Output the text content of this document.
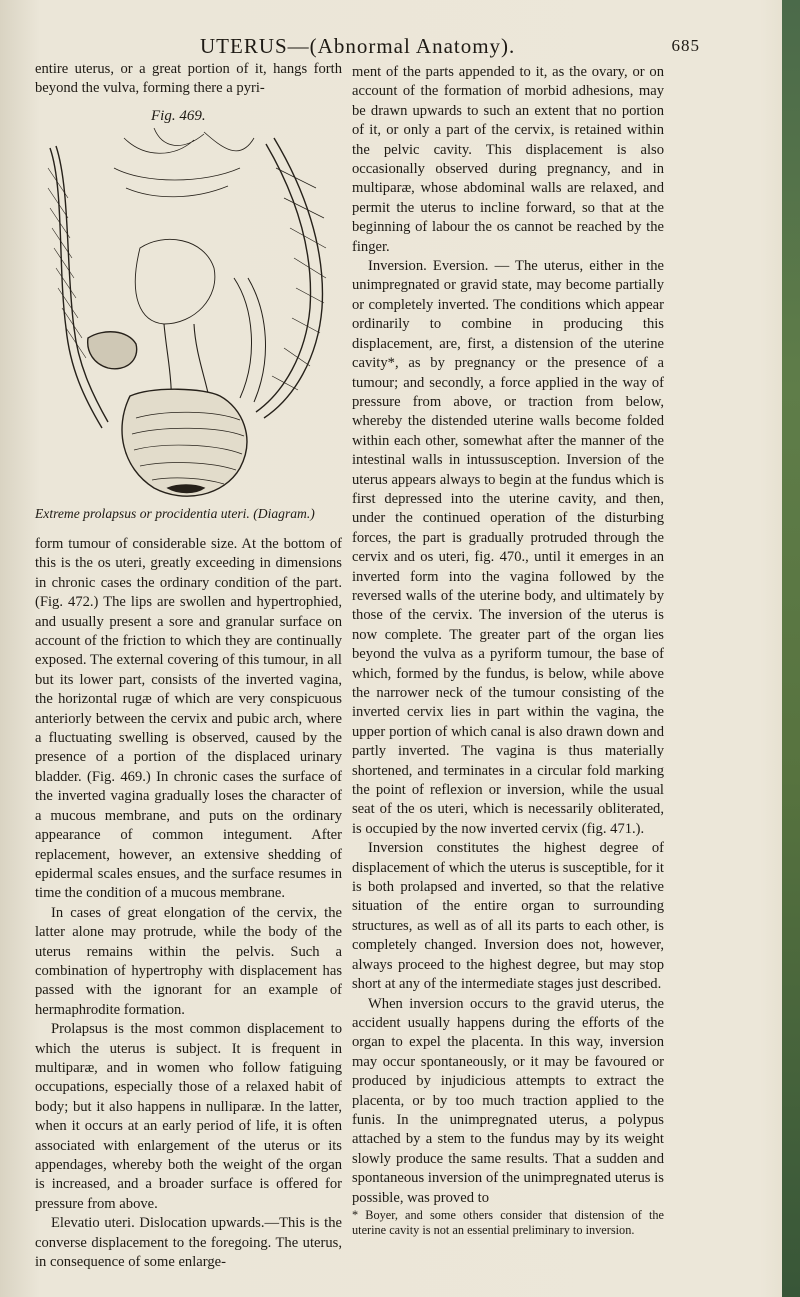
UTERUS—(Abnormal Anatomy).	685

entire uterus, or a great portion of it, hangs forth beyond the vulva, forming there a pyri-

Fig. 469.
Extreme prolapsus or procidentia uteri. (Diagram.)

form tumour of considerable size. At the bottom of this is the os uteri, greatly exceeding in dimensions in chronic cases the ordinary condition of the part. (Fig. 472.) The lips are swollen and hypertrophied, and usually present a sore and granular surface on account of the friction to which they are continually exposed. The external covering of this tumour, in all but its lower part, consists of the inverted vagina, the horizontal rugæ of which are very conspicuous anteriorly between the cervix and pubic arch, where a fluctuating swelling is observed, caused by the presence of a portion of the displaced urinary bladder. (Fig. 469.) In chronic cases the surface of the inverted vagina gradually loses the character of a mucous membrane, and puts on the ordinary appearance of common integument. After replacement, however, an extensive shedding of epidermal scales ensues, and the surface resumes in time the condition of a mucous membrane.

In cases of great elongation of the cervix, the latter alone may protrude, while the body of the uterus remains within the pelvis. Such a combination of hypertrophy with displacement has passed with the ignorant for an example of hermaphrodite formation.

Prolapsus is the most common displacement to which the uterus is subject. It is frequent in multiparæ, and in women who follow fatiguing occupations, especially those of a relaxed habit of body; but it also happens in nulliparæ. In the latter, when it occurs at an early period of life, it is often associated with enlargement of the uterus or its appendages, whereby both the weight of the organ is increased, and a broader surface is offered for pressure from above.

Elevatio uteri. Dislocation upwards.—This is the converse displacement to the foregoing. The uterus, in consequence of some enlarge-

ment of the parts appended to it, as the ovary, or on account of the formation of morbid adhesions, may be drawn upwards to such an extent that no portion of it, or only a part of the cervix, is retained within the pelvic cavity. This displacement is also occasionally observed during pregnancy, and in multiparæ, whose abdominal walls are relaxed, and permit the uterus to incline forward, so that at the beginning of labour the os cannot be reached by the finger.

Inversion. Eversion. — The uterus, either in the unimpregnated or gravid state, may become partially or completely inverted. The conditions which appear ordinarily to combine in producing this displacement, are, first, a distension of the uterine cavity*, as by pregnancy or the presence of a tumour; and secondly, a force applied in the way of pressure from above, or traction from below, whereby the distended uterine walls become folded within each other, somewhat after the manner of the intestinal walls in intussusception. Inversion of the uterus appears always to begin at the fundus which is first depressed into the uterine cavity, and then, under the continued operation of the disturbing forces, the part is gradually protruded through the cervix and os uteri, fig. 470., until it emerges in an inverted form into the vagina followed by the reversed walls of the uterine body, and ultimately by those of the cervix. The inversion of the uterus is now complete. The greater part of the organ lies beyond the vulva as a pyriform tumour, the base of which, formed by the fundus, is below, while above the narrower neck of the tumour consisting of the inverted cervix lies in part within the vagina, the upper portion of which canal is also drawn down and partly inverted. The vagina is thus materially shortened, and terminates in a circular fold marking the point of reflexion or inversion, while the usual seat of the os uteri, which is necessarily obliterated, is occupied by the now inverted cervix (fig. 471.).

Inversion constitutes the highest degree of displacement of which the uterus is susceptible, for it is both prolapsed and inverted, so that the relative situation of the entire organ to surrounding structures, as well as of all its parts to each other, is completely changed. Inversion does not, however, always proceed to the highest degree, but may stop short at any of the intermediate stages just described.

When inversion occurs to the gravid uterus, the accident usually happens during the efforts of the organ to expel the placenta. In this way, inversion may occur spontaneously, or it may be favoured or produced by injudicious attempts to extract the placenta, or by too much traction applied to the funis. In the unimpregnated uterus, a polypus attached by a stem to the fundus may by its weight slowly produce the same results. That a sudden and spontaneous inversion of the unimpregnated uterus is possible, was proved to

* Boyer, and some others consider that distension of the uterine cavity is not an essential preliminary to inversion.
